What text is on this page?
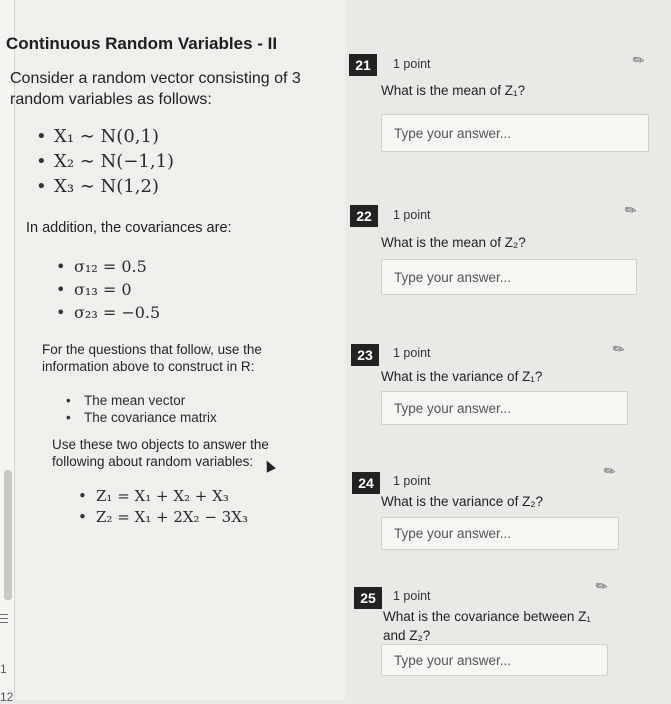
1
12
Continuous Random Variables - II
Consider a random vector consisting of 3 random variables as follows:
• X₁ ∼ N(0,1)
• X₂ ∼ N(−1,1)
• X₃ ∼ N(1,2)
In addition, the covariances are:
• σ₁₂ = 0.5
• σ₁₃ = 0
• σ₂₃ = −0.5
For the questions that follow, use the information above to construct in R:
• The mean vector
• The covariance matrix
Use these two objects to answer the following about random variables:
• Z₁ = X₁ + X₂ + X₃
• Z₂ = X₁ + 2X₂ − 3X₃
21	1 point
What is the mean of Z₁?
Type your answer...
✎
22	1 point
What is the mean of Z₂?
Type your answer...
✎
23	1 point
What is the variance of Z₁?
Type your answer...
✎
24	1 point
What is the variance of Z₂?
Type your answer...
✎
25	1 point
What is the covariance between Z₁ and Z₂?
Type your answer...
✎
